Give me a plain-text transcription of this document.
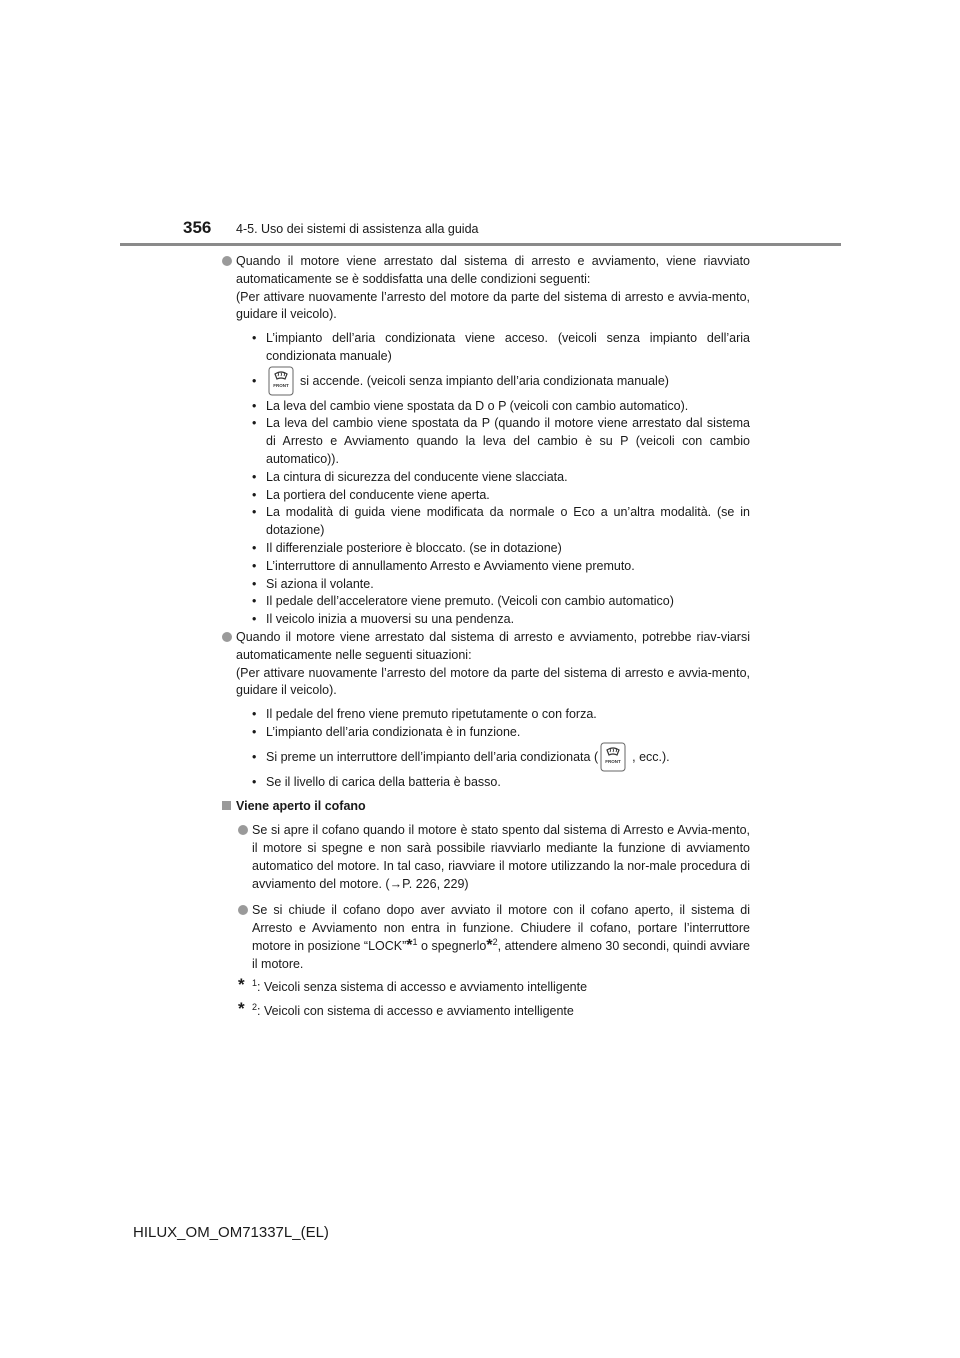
356 4-5. Uso dei sistemi di assistenza alla guida
Quando il motore viene arrestato dal sistema di arresto e avviamento, viene riavviato automaticamente se è soddisfatta una delle condizioni seguenti:
(Per attivare nuovamente l’arresto del motore da parte del sistema di arresto e avvia-mento, guidare il veicolo).
• L’impianto dell’aria condizionata viene acceso. (veicoli senza impianto dell’aria condizionata manuale)
•	FRONT si accende. (veicoli senza impianto dell’aria condizionata manuale)
• La leva del cambio viene spostata da D o P (veicoli con cambio automatico).
• La leva del cambio viene spostata da P (quando il motore viene arrestato dal sistema di Arresto e Avviamento quando la leva del cambio è su P (veicoli con cambio automatico)).
• La cintura di sicurezza del conducente viene slacciata.
• La portiera del conducente viene aperta.
• La modalità di guida viene modificata da normale o Eco a un’altra modalità. (se in dotazione)
• Il differenziale posteriore è bloccato. (se in dotazione)
• L’interruttore di annullamento Arresto e Avviamento viene premuto.
• Si aziona il volante.
• Il pedale dell’acceleratore viene premuto. (Veicoli con cambio automatico)
• Il veicolo inizia a muoversi su una pendenza.
Quando il motore viene arrestato dal sistema di arresto e avviamento, potrebbe riav-viarsi automaticamente nelle seguenti situazioni:
(Per attivare nuovamente l’arresto del motore da parte del sistema di arresto e avvia-mento, guidare il veicolo).
• Il pedale del freno viene premuto ripetutamente o con forza.
• L’impianto dell’aria condizionata è in funzione.
• Si preme un interruttore dell’impianto dell’aria condizionata ( FRONT , ecc.).
• Se il livello di carica della batteria è basso.
Viene aperto il cofano
Se si apre il cofano quando il motore è stato spento dal sistema di Arresto e Avvia-mento, il motore si spegne e non sarà possibile riavviarlo mediante la funzione di avviamento automatico del motore. In tal caso, riavviare il motore utilizzando la nor-male procedura di avviamento del motore. (→P. 226, 229)
Se si chiude il cofano dopo aver avviato il motore con il cofano aperto, il sistema di Arresto e Avviamento non entra in funzione. Chiudere il cofano, portare l’interruttore motore in posizione “LOCK”*$^1$ o spegnerlo*$^2$, attendere almeno 30 secondi, quindi avviare il motore.
* $^1$: Veicoli senza sistema di accesso e avviamento intelligente
* $^2$: Veicoli con sistema di accesso e avviamento intelligente
HILUX_OM_OM71337L_(EL)
